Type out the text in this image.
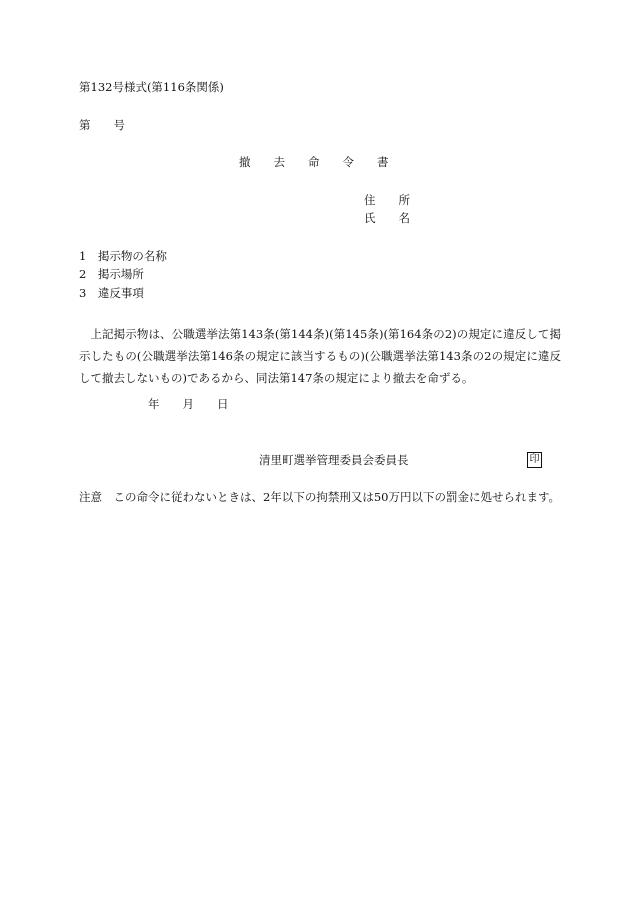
第132号様式(第116条関係)
第　　号
撤　　去　　命　　令　　書
住　　所
氏　　名
1　掲示物の名称
2　掲示場所
3　違反事項
上記掲示物は、公職選挙法第143条(第144条)(第145条)(第164条の2)の規定に違反して掲示したもの(公職選挙法第146条の規定に該当するもの)(公職選挙法第143条の2の規定に違反して撤去しないもの)であるから、同法第147条の規定により撤去を命ずる。
年　　月　　日
清里町選挙管理委員会委員長	印
注意　この命令に従わないときは、2年以下の拘禁刑又は50万円以下の罰金に処せられます。
